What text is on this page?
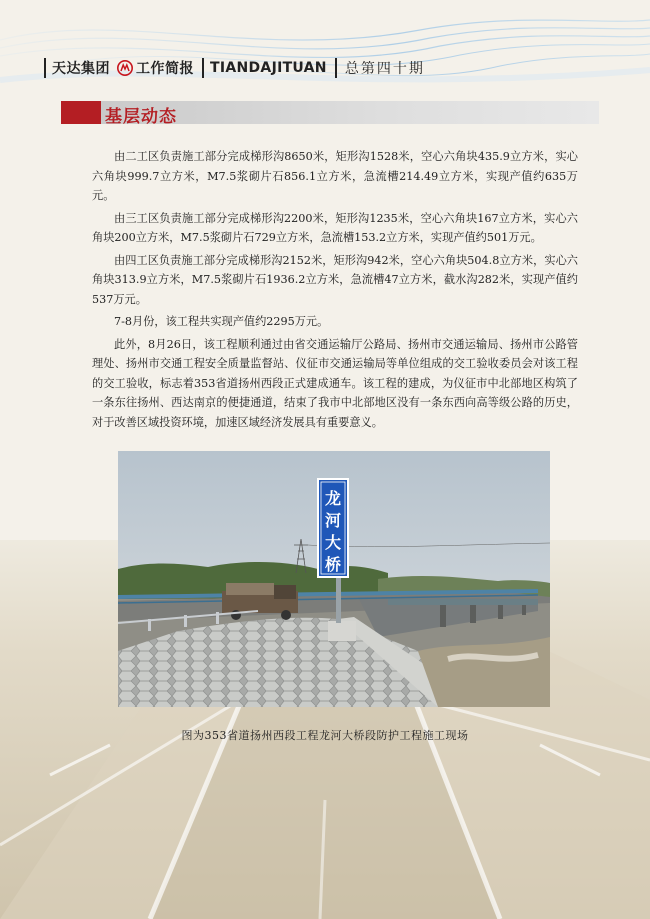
天达集团 工作简报 TIANDAJITUAN 总第四十期
基层动态

由二工区负责施工部分完成梯形沟8650米，矩形沟1528米，空心六角块435.9立方米，实心六角块999.7立方米，M7.5浆砌片石856.1立方米，急流槽214.49立方米，实现产值约635万元。

由三工区负责施工部分完成梯形沟2200米，矩形沟1235米，空心六角块167立方米，实心六角块200立方米，M7.5浆砌片石729立方米，急流槽153.2立方米，实现产值约501万元。

由四工区负责施工部分完成梯形沟2152米，矩形沟942米，空心六角块504.8立方米，实心六角块313.9立方米，M7.5浆砌片石1936.2立方米，急流槽47立方米，截水沟282米，实现产值约537万元。

7-8月份，该工程共实现产值约2295万元。

此外，8月26日，该工程顺利通过由省交通运输厅公路局、扬州市交通运输局、扬州市公路管理处、扬州市交通工程安全质量监督站、仪征市交通运输局等单位组成的交工验收委员会对该工程的交工验收，标志着353省道扬州西段正式建成通车。该工程的建成，为仪征市中北部地区构筑了一条东往扬州、西达南京的便捷通道，结束了我市中北部地区没有一条东西向高等级公路的历史，对于改善区域投资环境，加速区域经济发展具有重要意义。

龙
河
大
桥
图为353省道扬州西段工程龙河大桥段防护工程施工现场
